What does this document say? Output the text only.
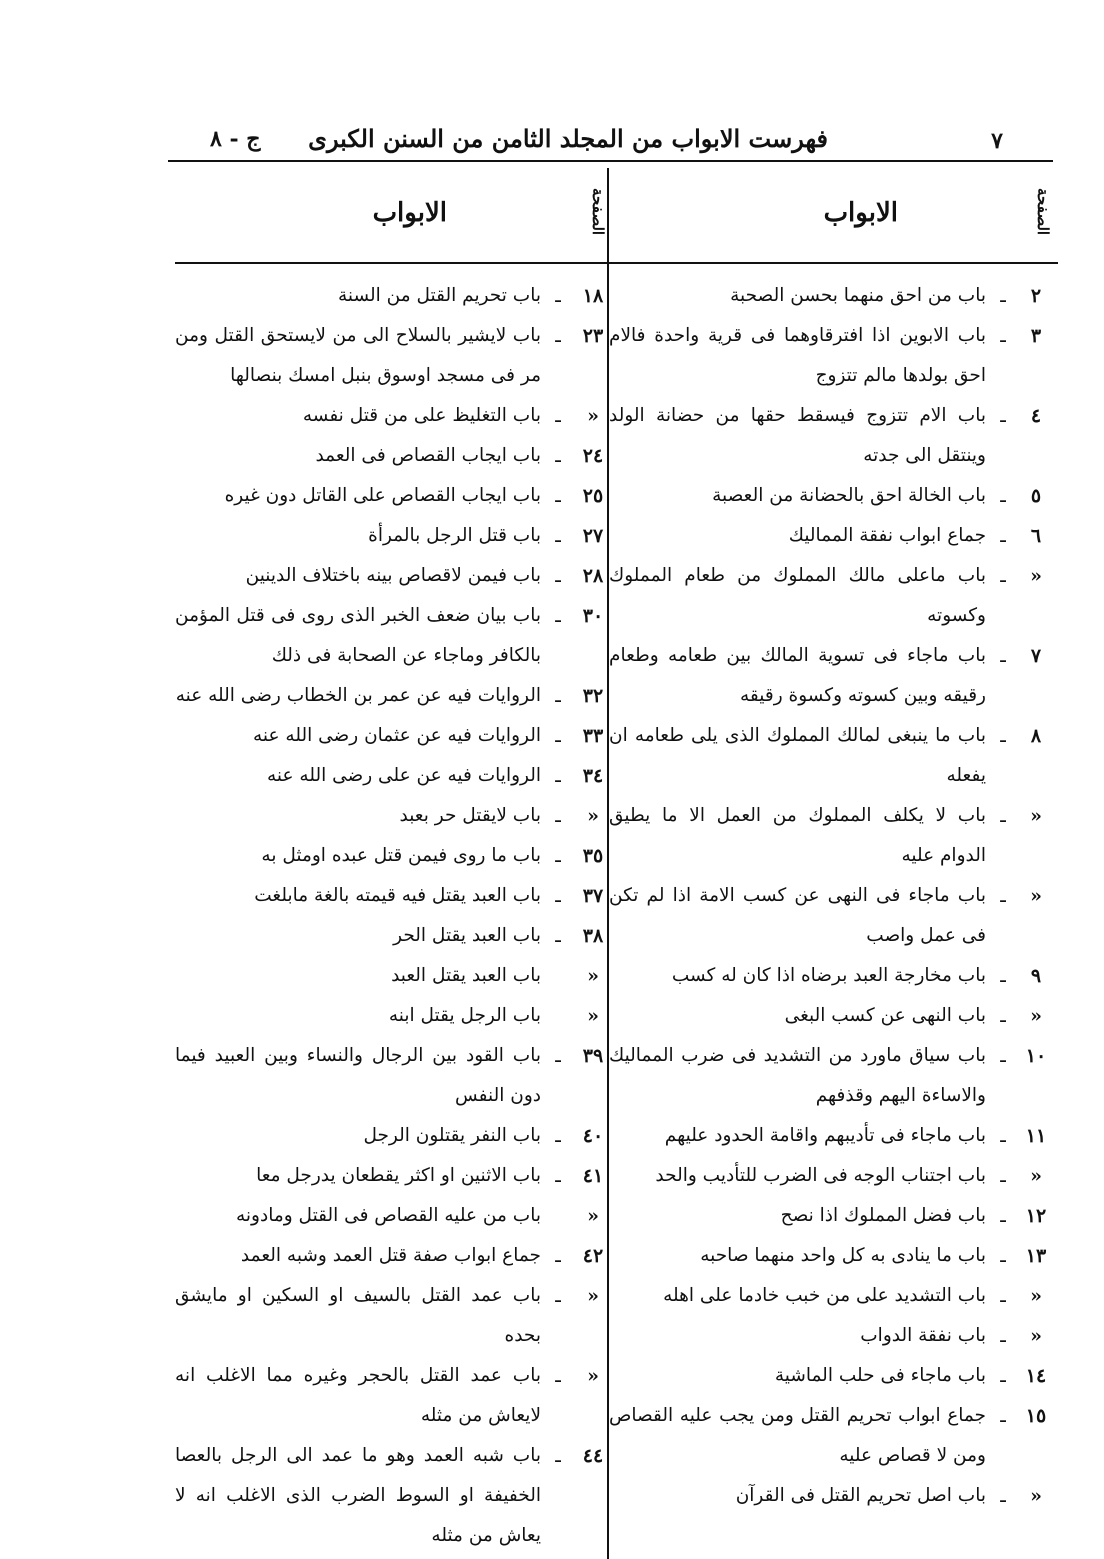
٧
فهرست الابواب من المجلد الثامن من السنن الكبرى
ج - ٨
الصفحة
الابواب
٢
ـ
باب من احق منهما بحسن الصحبة
٣
ـ
باب الابوين اذا افترقاوهما فى قرية واحدة فالام احق بولدها مالم تتزوج
٤
ـ
باب الام تتزوج فيسقط حقها من حضانة الولد وينتقل الى جدته
٥
ـ
باب الخالة احق بالحضانة من العصبة
٦
ـ
جماع ابواب نفقة المماليك
«
ـ
باب ماعلى مالك المملوك من طعام المملوك وكسوته
٧
ـ
باب ماجاء فى تسوية المالك بين طعامه وطعام رقيقه وبين كسوته وكسوة رقيقه
٨
ـ
باب ما ينبغى لمالك المملوك الذى يلى طعامه ان يفعله
«
ـ
باب لا يكلف المملوك من العمل الا ما يطيق الدوام عليه
«
ـ
باب ماجاء فى النهى عن كسب الامة اذا لم تكن فى عمل واصب
٩
ـ
باب مخارجة العبد برضاه اذا كان له كسب
«
ـ
باب النهى عن كسب البغى
١٠
ـ
باب سياق ماورد من التشديد فى ضرب المماليك والاساءة اليهم وقذفهم
١١
ـ
باب ماجاء فى تأديبهم واقامة الحدود عليهم
«
ـ
باب اجتناب الوجه فى الضرب للتأديب والحد
١٢
ـ
باب فضل المملوك اذا نصح
١٣
ـ
باب ما ينادى به كل واحد منهما صاحبه
«
ـ
باب التشديد على من خبب خادما على اهله
«
ـ
باب نفقة الدواب
١٤
ـ
باب ماجاء فى حلب الماشية
١٥
ـ
جماع ابواب تحريم القتل ومن يجب عليه القصاص ومن لا قصاص عليه
«
ـ
باب اصل تحريم القتل فى القرآن
الصفحة
الابواب
١٨
ـ
باب تحريم القتل من السنة
٢٣
ـ
باب لايشير بالسلاح الى من لايستحق القتل ومن مر فى مسجد اوسوق بنبل امسك بنصالها
«
ـ
باب التغليظ على من قتل نفسه
٢٤
ـ
باب ايجاب القصاص فى العمد
٢٥
ـ
باب ايجاب القصاص على القاتل دون غيره
٢٧
ـ
باب قتل الرجل بالمرأة
٢٨
ـ
باب فيمن لاقصاص بينه باختلاف الدينين
٣٠
ـ
باب بيان ضعف الخبر الذى روى فى قتل المؤمن بالكافر وماجاء عن الصحابة فى ذلك
٣٢
ـ
الروايات فيه عن عمر بن الخطاب رضى الله عنه
٣٣
ـ
الروايات فيه عن عثمان رضى الله عنه
٣٤
ـ
الروايات فيه عن على رضى الله عنه
«
ـ
باب لايقتل حر بعبد
٣٥
ـ
باب ما روى فيمن قتل عبده اومثل به
٣٧
ـ
باب العبد يقتل فيه قيمته بالغة مابلغت
٣٨
ـ
باب العبد يقتل الحر
«
باب العبد يقتل العبد
«
باب الرجل يقتل ابنه
٣٩
ـ
باب القود بين الرجال والنساء وبين العبيد فيما دون النفس
٤٠
ـ
باب النفر يقتلون الرجل
٤١
ـ
باب الاثنين او اكثر يقطعان يدرجل معا
«
باب من عليه القصاص فى القتل ومادونه
٤٢
ـ
جماع ابواب صفة قتل العمد وشبه العمد
«
ـ
باب عمد القتل بالسيف او السكين او مايشق بحده
«
ـ
باب عمد القتل بالحجر وغيره مما الاغلب انه لايعاش من مثله
٤٤
ـ
باب شبه العمد وهو ما عمد الى الرجل بالعصا الخفيفة او السوط الضرب الذى الاغلب انه لا يعاش من مثله
